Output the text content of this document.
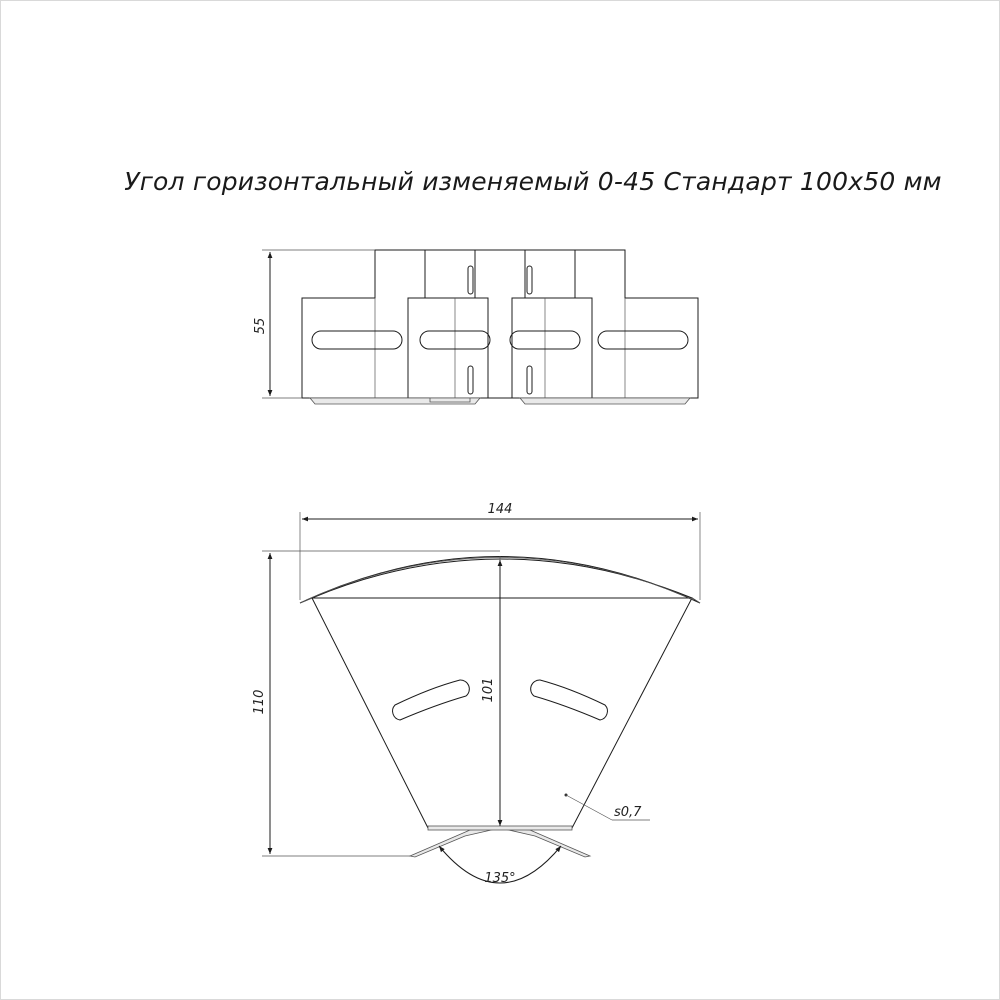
Угол горизонтальный изменяемый 0-45 Стандарт 100х50 мм
55
144
110	101
s0,7
135°
